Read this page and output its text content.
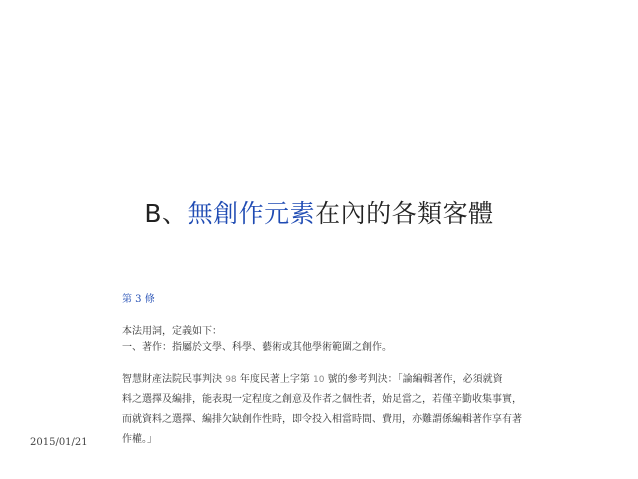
B、無創作元素在內的各類客體
第 3 條

本法用詞，定義如下：

一、著作：指屬於文學、科學、藝術或其他學術範圍之創作。

智慧財產法院民事判決 98 年度民著上字第 10 號的參考判決：「論編輯著作，必須就資
料之選擇及編排，能表現一定程度之創意及作者之個性者，始足當之，若僅辛勤收集事實，
而就資料之選擇、編排欠缺創作性時，即令投入相當時間、費用，亦難謂係編輯著作享有著
作權。」
2015/01/21
